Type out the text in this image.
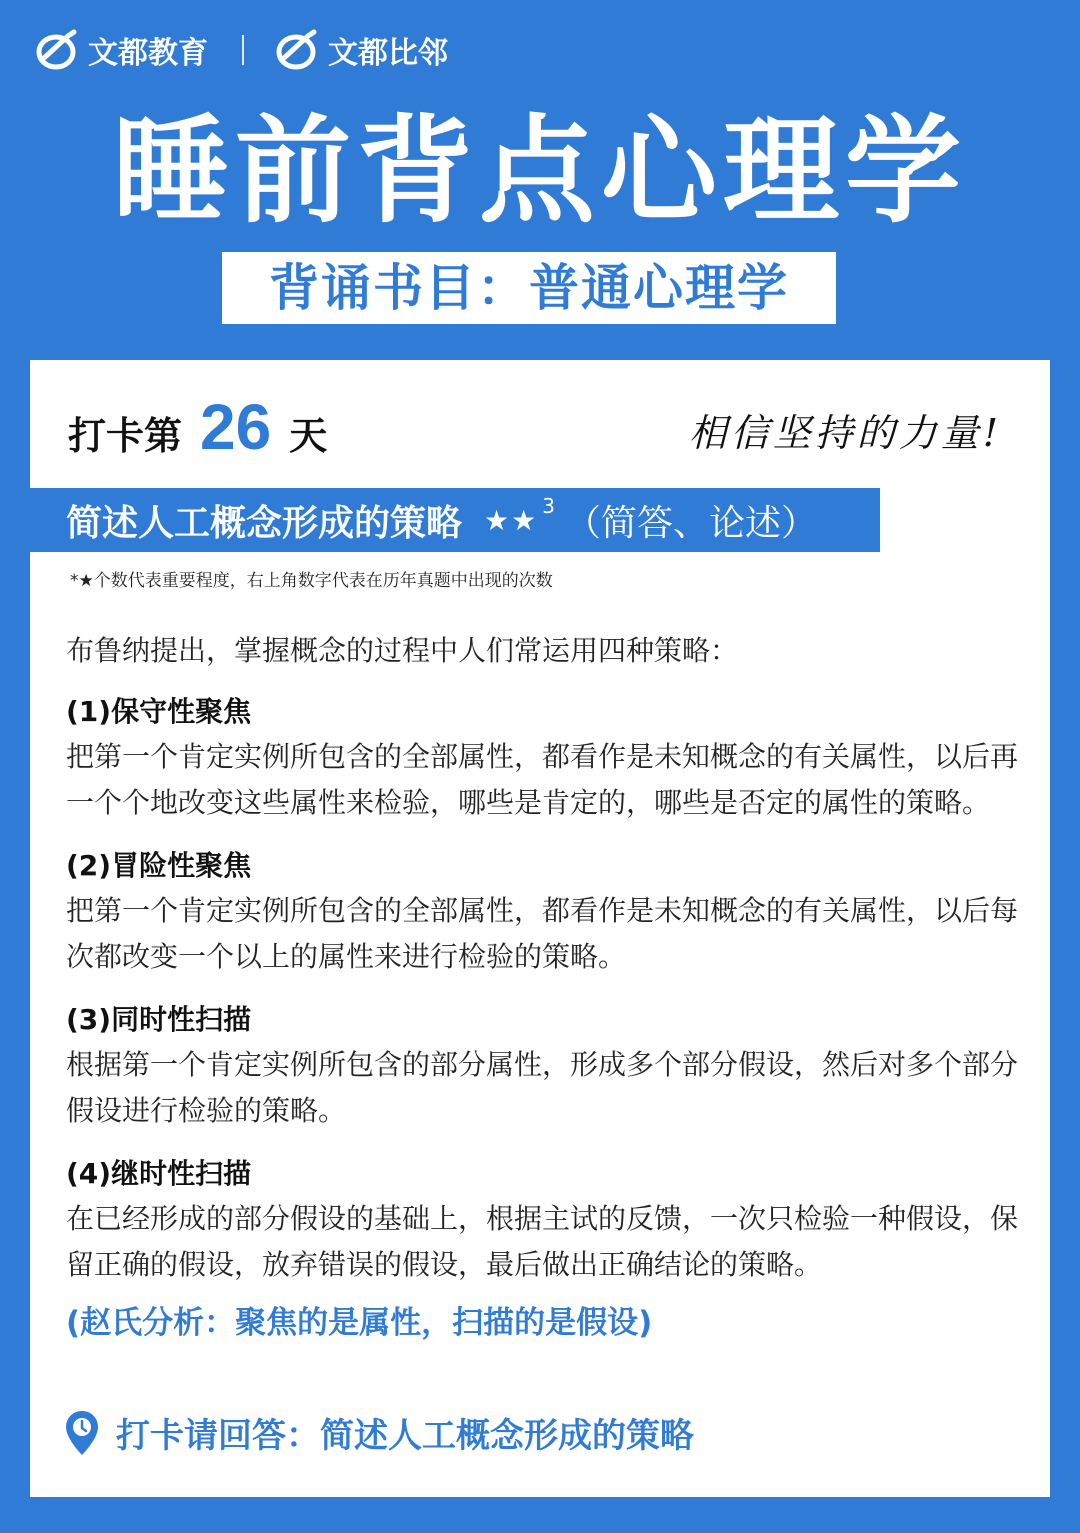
文都教育	文都比邻
睡前背点心理学
背诵书目：普通心理学
打卡第 26 天	相信坚持的力量!
简述人工概念形成的策略 ★★ 3 （简答、论述）
*★个数代表重要程度，右上角数字代表在历年真题中出现的次数

布鲁纳提出，掌握概念的过程中人们常运用四种策略：

(1)保守性聚焦
把第一个肯定实例所包含的全部属性，都看作是未知概念的有关属性，以后再一个个地改变这些属性来检验，哪些是肯定的，哪些是否定的属性的策略。
(2)冒险性聚焦
把第一个肯定实例所包含的全部属性，都看作是未知概念的有关属性，以后每次都改变一个以上的属性来进行检验的策略。
(3)同时性扫描
根据第一个肯定实例所包含的部分属性，形成多个部分假设，然后对多个部分假设进行检验的策略。
(4)继时性扫描
在已经形成的部分假设的基础上，根据主试的反馈，一次只检验一种假设，保留正确的假设，放弃错误的假设，最后做出正确结论的策略。
(赵氏分析：聚焦的是属性，扫描的是假设)
打卡请回答：简述人工概念形成的策略
